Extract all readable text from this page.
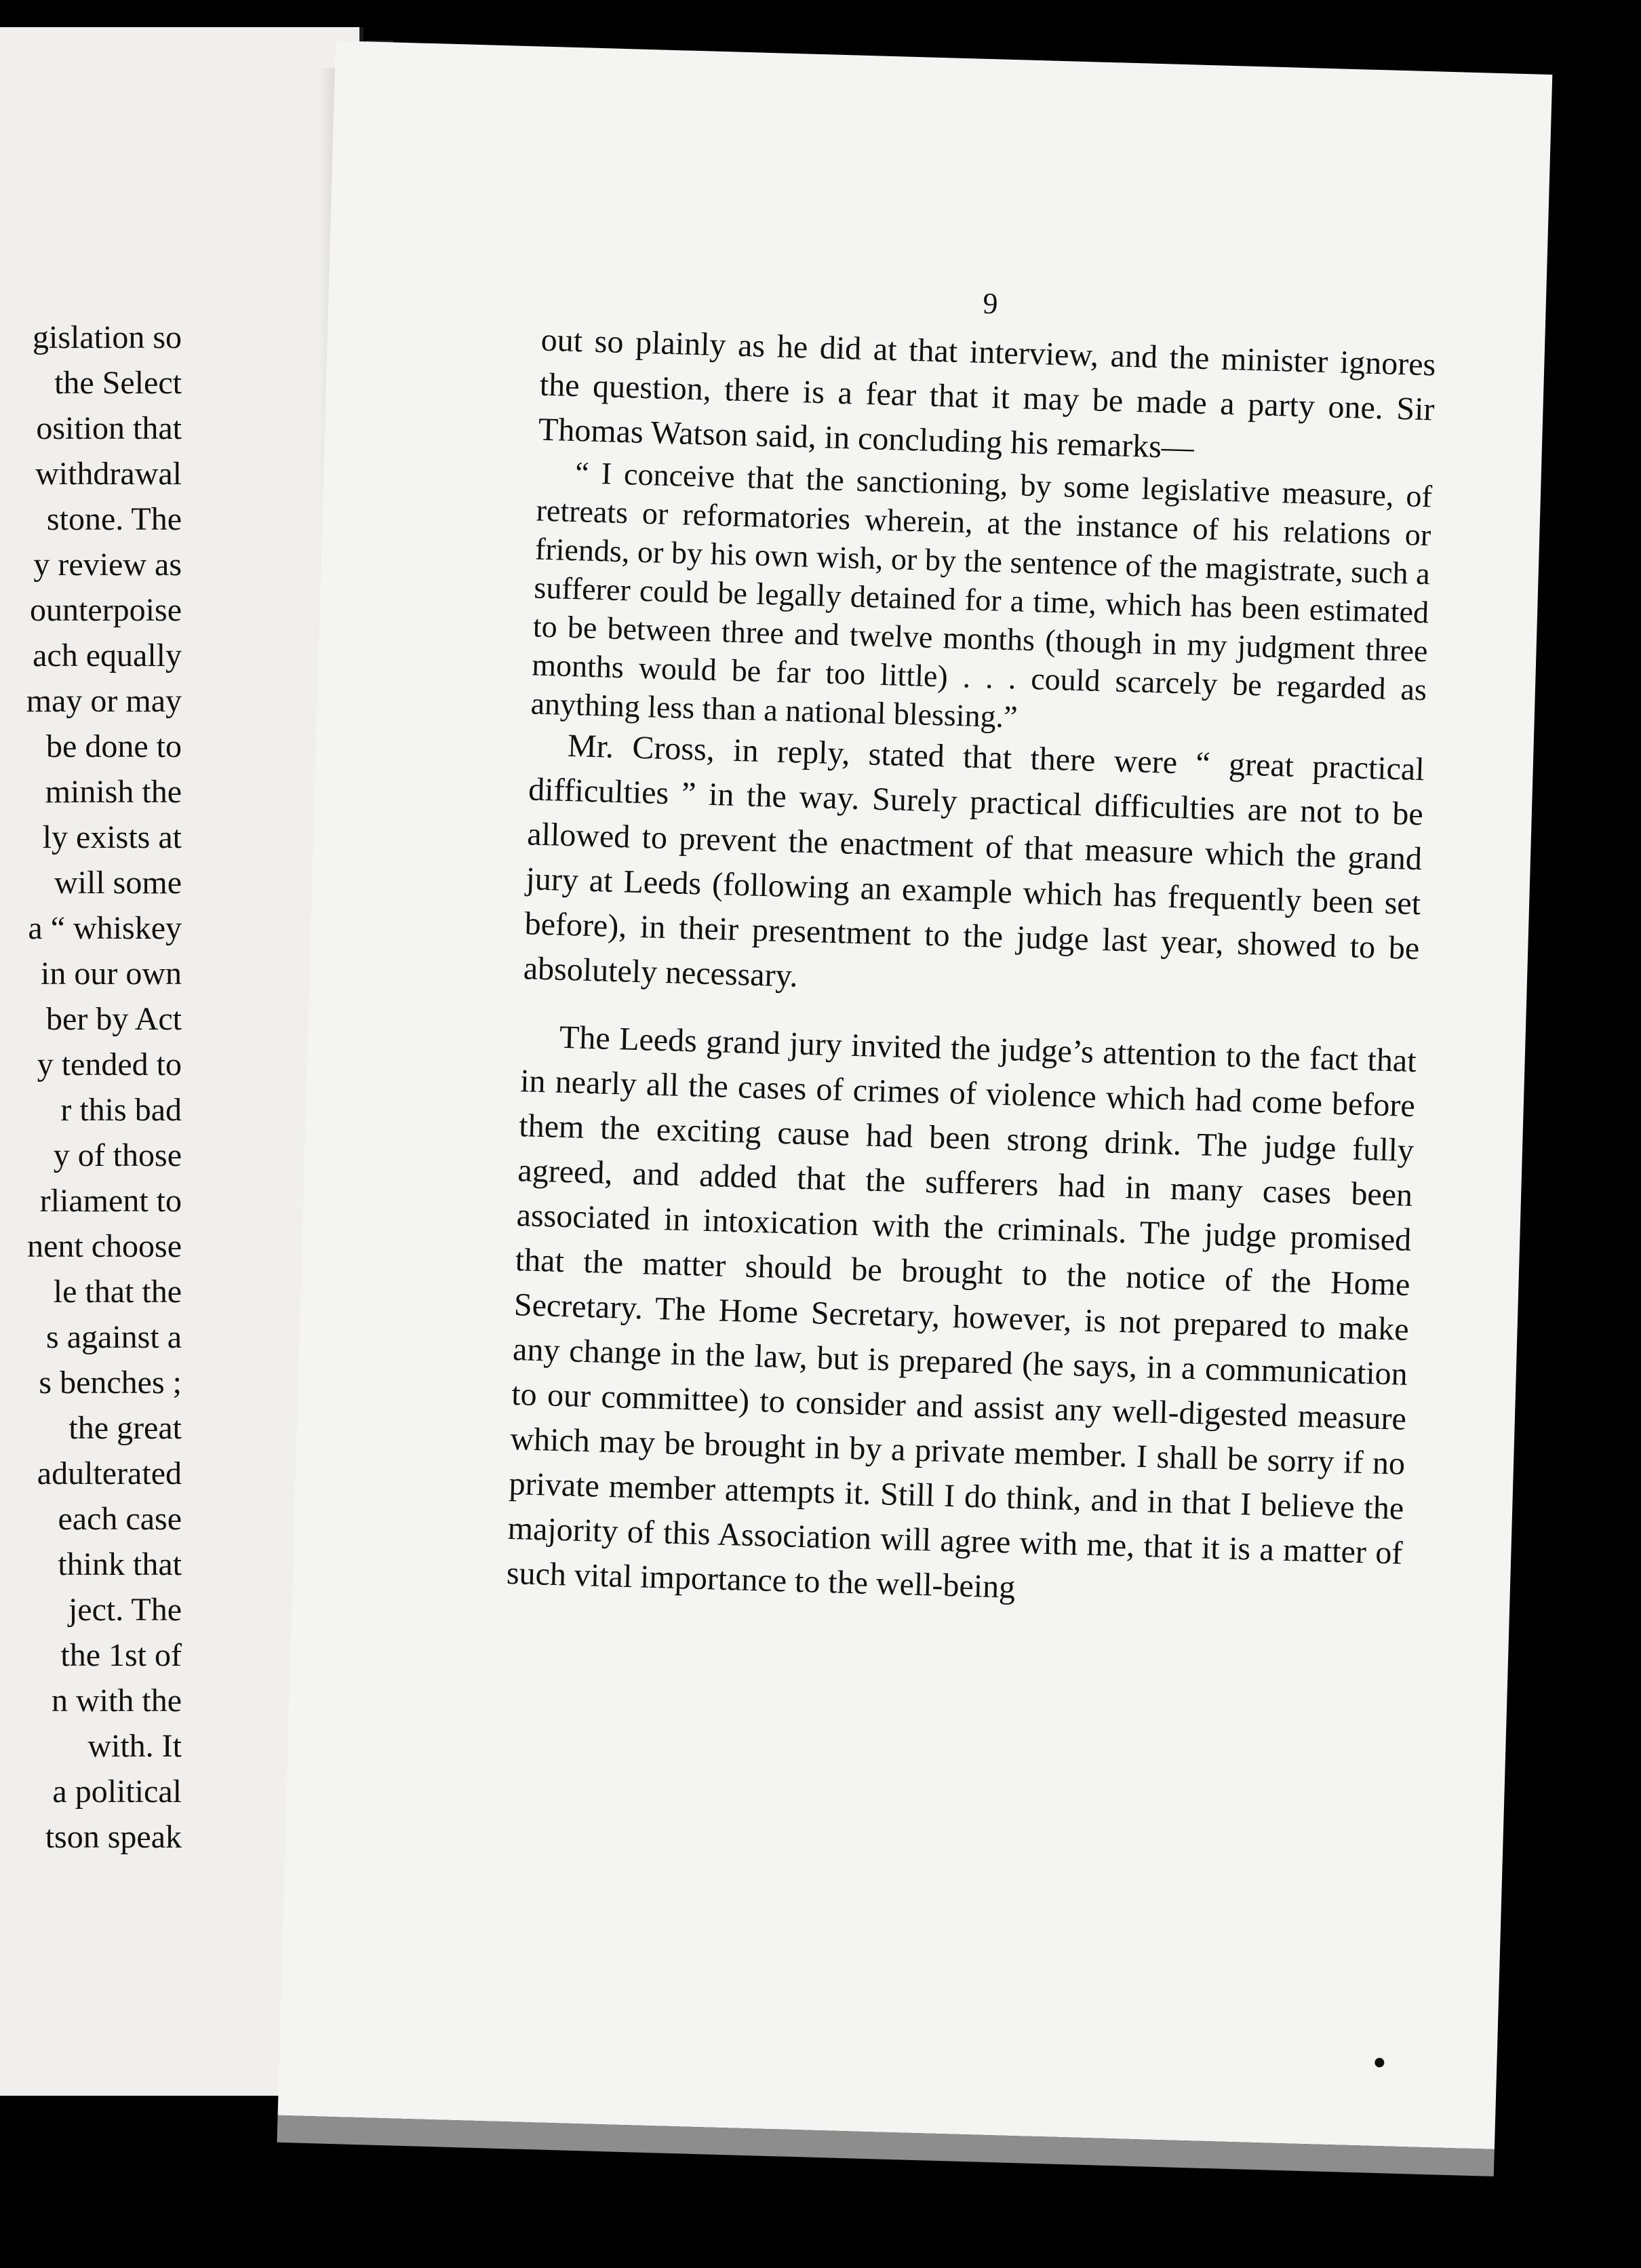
gislation so
the Select
osition that
withdrawal
stone. The
y review as
ounterpoise
ach equally
may or may
be done to
minish the
ly exists at
will some
a “ whiskey
in our own
ber by Act
y tended to
r this bad
y of those
rliament to
nent choose
le that the
s against a
s benches ;
the great
adulterated
each case
think that
ject. The
the 1st of
n with the
with. It
a political
tson speak
9

out so plainly as he did at that interview, and the minister ignores the question, there is a fear that it may be made a party one. Sir Thomas Watson said, in concluding his remarks—

“ I conceive that the sanctioning, by some legislative measure, of retreats or reformatories wherein, at the instance of his relations or friends, or by his own wish, or by the sentence of the magistrate, such a sufferer could be legally detained for a time, which has been estimated to be between three and twelve months (though in my judgment three months would be far too little) . . . could scarcely be regarded as anything less than a national blessing.”

Mr. Cross, in reply, stated that there were “ great practical difficulties ” in the way. Surely practical difficulties are not to be allowed to prevent the enactment of that measure which the grand jury at Leeds (following an example which has frequently been set before), in their presentment to the judge last year, showed to be absolutely necessary.

The Leeds grand jury invited the judge’s attention to the fact that in nearly all the cases of crimes of violence which had come before them the exciting cause had been strong drink. The judge fully agreed, and added that the sufferers had in many cases been associated in intoxication with the criminals. The judge promised that the matter should be brought to the notice of the Home Secretary. The Home Secretary, however, is not prepared to make any change in the law, but is prepared (he says, in a communication to our committee) to consider and assist any well-digested measure which may be brought in by a private member. I shall be sorry if no private member attempts it. Still I do think, and in that I believe the majority of this Association will agree with me, that it is a matter of such vital importance to the well-being
